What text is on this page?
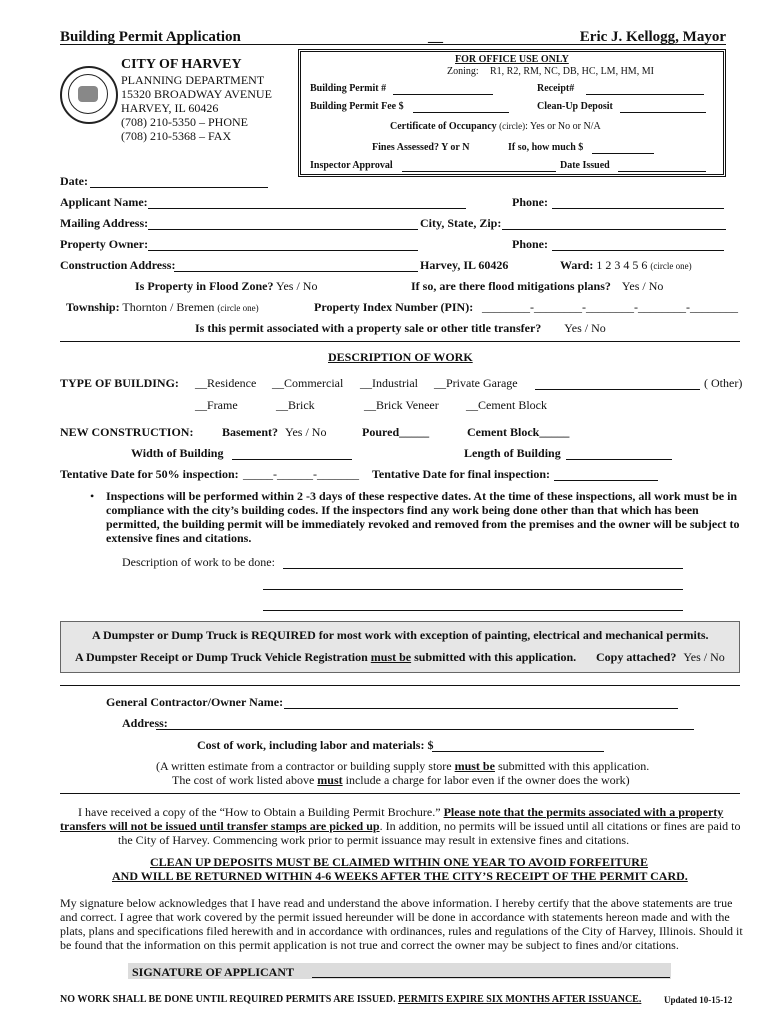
Building Permit Application	__	Eric J. Kellogg, Mayor
CITY OF HARVEY
PLANNING DEPARTMENT
15320 BROADWAY AVENUE
HARVEY, IL 60426
(708) 210-5350 – PHONE
(708) 210-5368 – FAX
FOR OFFICE USE ONLY
Zoning: R1, R2, RM, NC, DB, HC, LM, HM, MI
Building Permit #	Receipt#
Building Permit Fee $	Clean-Up Deposit
Certificate of Occupancy (circle): Yes or No or N/A
Fines Assessed? Y or N	If so, how much $
Inspector Approval	Date Issued
Date:
Applicant Name:	Phone:
Mailing Address:	City, State, Zip:
Property Owner:	Phone:
Construction Address:	Harvey, IL 60426	Ward: 1 2 3 4 5 6 (circle one)
Is Property in Flood Zone? Yes / No	If so, are there flood mitigations plans? Yes / No
Township: Thornton / Bremen (circle one)	Property Index Number (PIN): ________-________-________-________-________
Is this permit associated with a property sale or other title transfer? Yes / No
DESCRIPTION OF WORK
TYPE OF BUILDING: __Residence __Commercial __Industrial __Private Garage	( Other)
__Frame	__Brick	__Brick Veneer __Cement Block
NEW CONSTRUCTION: Basement? Yes / No	Poured_____	Cement Block_____
Width of Building	Length of Building
Tentative Date for 50% inspection: _____-______-_______ Tentative Date for final inspection:
• Inspections will be performed within 2 -3 days of these respective dates. At the time of these inspections, all work must be in compliance with the city’s building codes. If the inspectors find any work being done other than that which has been permitted, the building permit will be immediately revoked and removed from the premises and the owner will be subject to extensive fines and citations.
Description of work to be done:
A Dumpster or Dump Truck is REQUIRED for most work with exception of painting, electrical and mechanical permits.
A Dumpster Receipt or Dump Truck Vehicle Registration must be submitted with this application. Copy attached? Yes / No
General Contractor/Owner Name:
Address:
Cost of work, including labor and materials: $
(A written estimate from a contractor or building supply store must be submitted with this application.
The cost of work listed above must include a charge for labor even if the owner does the work)
I have received a copy of the “How to Obtain a Building Permit Brochure.” Please note that the permits associated with a property
transfers will not be issued until transfer stamps are picked up. In addition, no permits will be issued until all citations or fines are paid to
the City of Harvey. Commencing work prior to permit issuance may result in extensive fines and citations.
CLEAN UP DEPOSITS MUST BE CLAIMED WITHIN ONE YEAR TO AVOID FORFEITURE
AND WILL BE RETURNED WITHIN 4-6 WEEKS AFTER THE CITY’S RECEIPT OF THE PERMIT CARD.
My signature below acknowledges that I have read and understand the above information. I hereby certify that the above statements are true and correct. I agree that work covered by the permit issued hereunder will be done in accordance with statements hereon made and with the plats, plans and specifications filed herewith and in accordance with ordinances, rules and regulations of the City of Harvey, Illinois. Should it be found that the information on this permit application is not true and correct the owner may be subject to fines and/or citations.
SIGNATURE OF APPLICANT
NO WORK SHALL BE DONE UNTIL REQUIRED PERMITS ARE ISSUED. PERMITS EXPIRE SIX MONTHS AFTER ISSUANCE.	Updated 10-15-12
